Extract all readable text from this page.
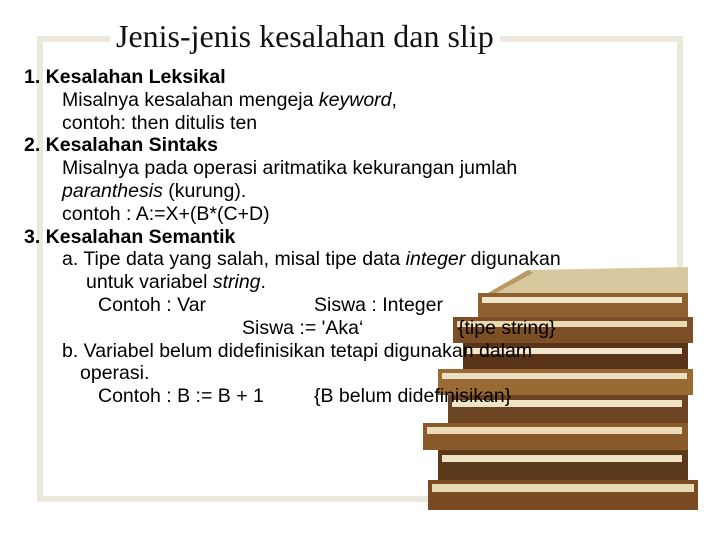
Jenis-jenis kesalahan dan slip
1. Kesalahan Leksikal
Misalnya kesalahan mengeja keyword,
contoh: then ditulis ten
2. Kesalahan Sintaks
Misalnya pada operasi aritmatika kekurangan jumlah
paranthesis (kurung).
contoh : A:=X+(B*(C+D)
3. Kesalahan Semantik
a. Tipe data yang salah, misal tipe data integer digunakan
untuk variabel string.
Contoh : Var	Siswa : Integer
Siswa := 'Aka‘	{tipe string}
b. Variabel belum didefinisikan tetapi digunakan dalam
operasi.
Contoh : B := B + 1	{B belum didefinisikan}
